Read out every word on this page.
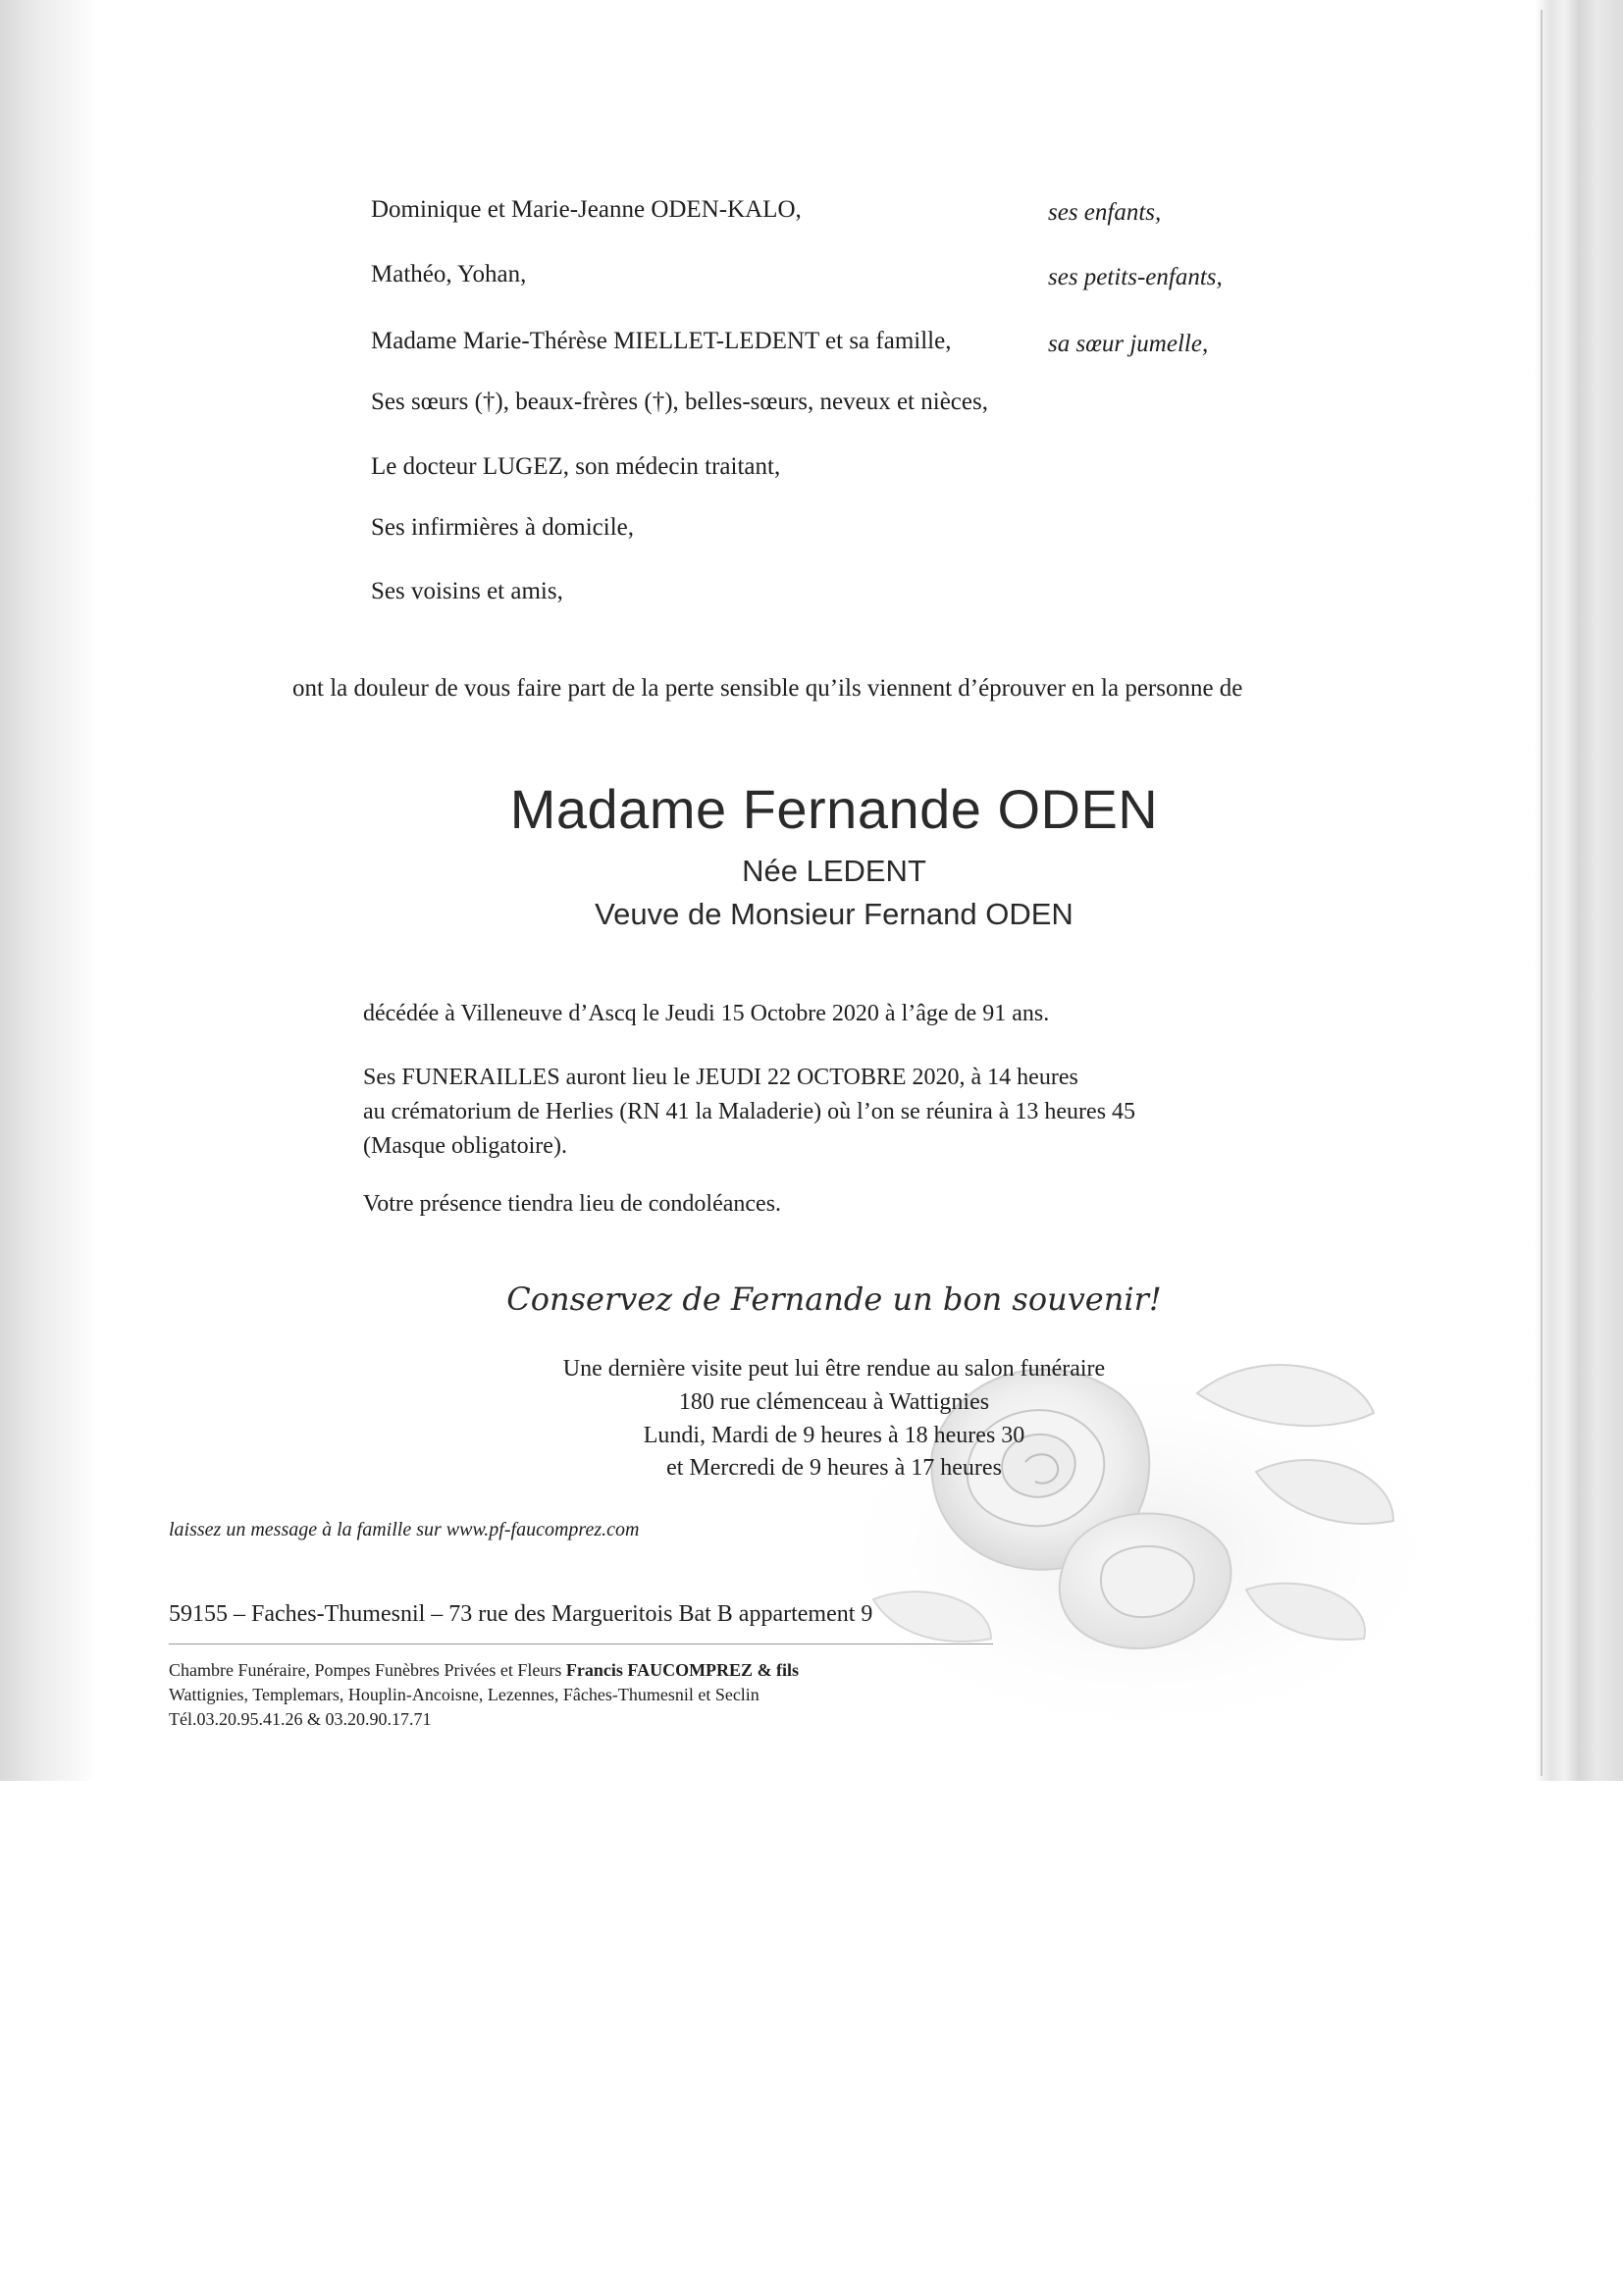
Dominique et Marie-Jeanne ODEN-KALO,	ses enfants,

Mathéo, Yohan,	ses petits-enfants,

Madame Marie-Thérèse MIELLET-LEDENT et sa famille,	sa sœur jumelle,

Ses sœurs (†), beaux-frères (†), belles-sœurs, neveux et nièces,

Le docteur LUGEZ, son médecin traitant,

Ses infirmières à domicile,

Ses voisins et amis,

ont la douleur de vous faire part de la perte sensible qu’ils viennent d’éprouver en la personne de

Madame Fernande ODEN

Née LEDENT

Veuve de Monsieur Fernand ODEN

décédée à Villeneuve d’Ascq le Jeudi 15 Octobre 2020 à l’âge de 91 ans.

Ses FUNERAILLES auront lieu le JEUDI 22 OCTOBRE 2020, à 14 heures

au crématorium de Herlies (RN 41 la Maladerie) où l’on se réunira à 13 heures 45

(Masque obligatoire).

Votre présence tiendra lieu de condoléances.

Conservez de Fernande un bon souvenir!

Une dernière visite peut lui être rendue au salon funéraire

180 rue clémenceau à Wattignies

Lundi, Mardi de 9 heures à 18 heures 30

et Mercredi de 9 heures à 17 heures

laissez un message à la famille sur www.pf-faucomprez.com

59155 – Faches-Thumesnil – 73 rue des Margueritois Bat B appartement 9

Chambre Funéraire, Pompes Funèbres Privées et Fleurs Francis FAUCOMPREZ & fils

Wattignies, Templemars, Houplin-Ancoisne, Lezennes, Fâches-Thumesnil et Seclin

Tél.03.20.95.41.26 & 03.20.90.17.71
